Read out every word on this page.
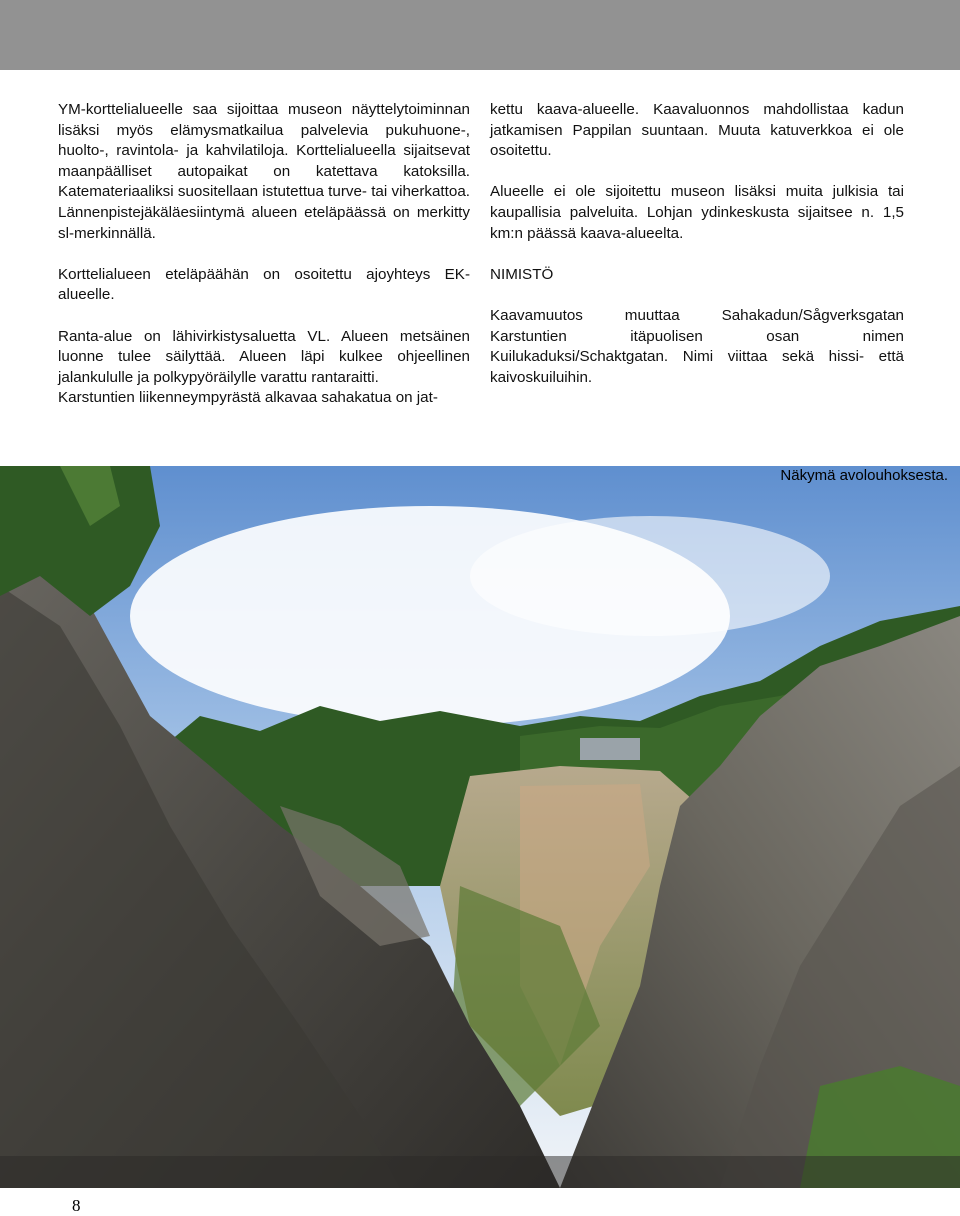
YM-korttelialueelle saa sijoittaa museon näyttelytoiminnan lisäksi myös elämysmatkailua palvelevia pukuhuone-, huolto-, ravintola- ja kahvilatiloja. Korttelialueella sijaitsevat maanpäälliset autopaikat on katettava katoksilla. Katemateriaaliksi suositellaan istutettua turve- tai viherkattoa. Lännenpistejäkäläesiintymä alueen eteläpäässä on merkitty sl-merkinnällä.

Korttelialueen eteläpäähän on osoitettu ajoyhteys EK-alueelle.

Ranta-alue on lähivirkistysaluetta VL. Alueen metsäinen luonne tulee säilyttää. Alueen läpi kulkee ohjeellinen jalankululle ja polkypyöräilylle varattu rantaraitti.

Karstuntien liikenneympyrästä alkavaa sahakatua on jat-

kettu kaava-alueelle. Kaavaluonnos mahdollistaa kadun jatkamisen Pappilan suuntaan. Muuta katuverkkoa ei ole osoitettu.

Alueelle ei ole sijoitettu museon lisäksi muita julkisia tai kaupallisia palveluita. Lohjan ydinkeskusta sijaitsee n. 1,5 km:n päässä kaava-alueelta.

NIMISTÖ

Kaavamuutos muuttaa Sahakadun/Sågverksgatan Karstuntien itäpuolisen osan nimen Kuilukaduksi/Schaktgatan. Nimi viittaa sekä hissi- että kaivoskuiluihin.

Näkymä avolouhoksesta.
8
